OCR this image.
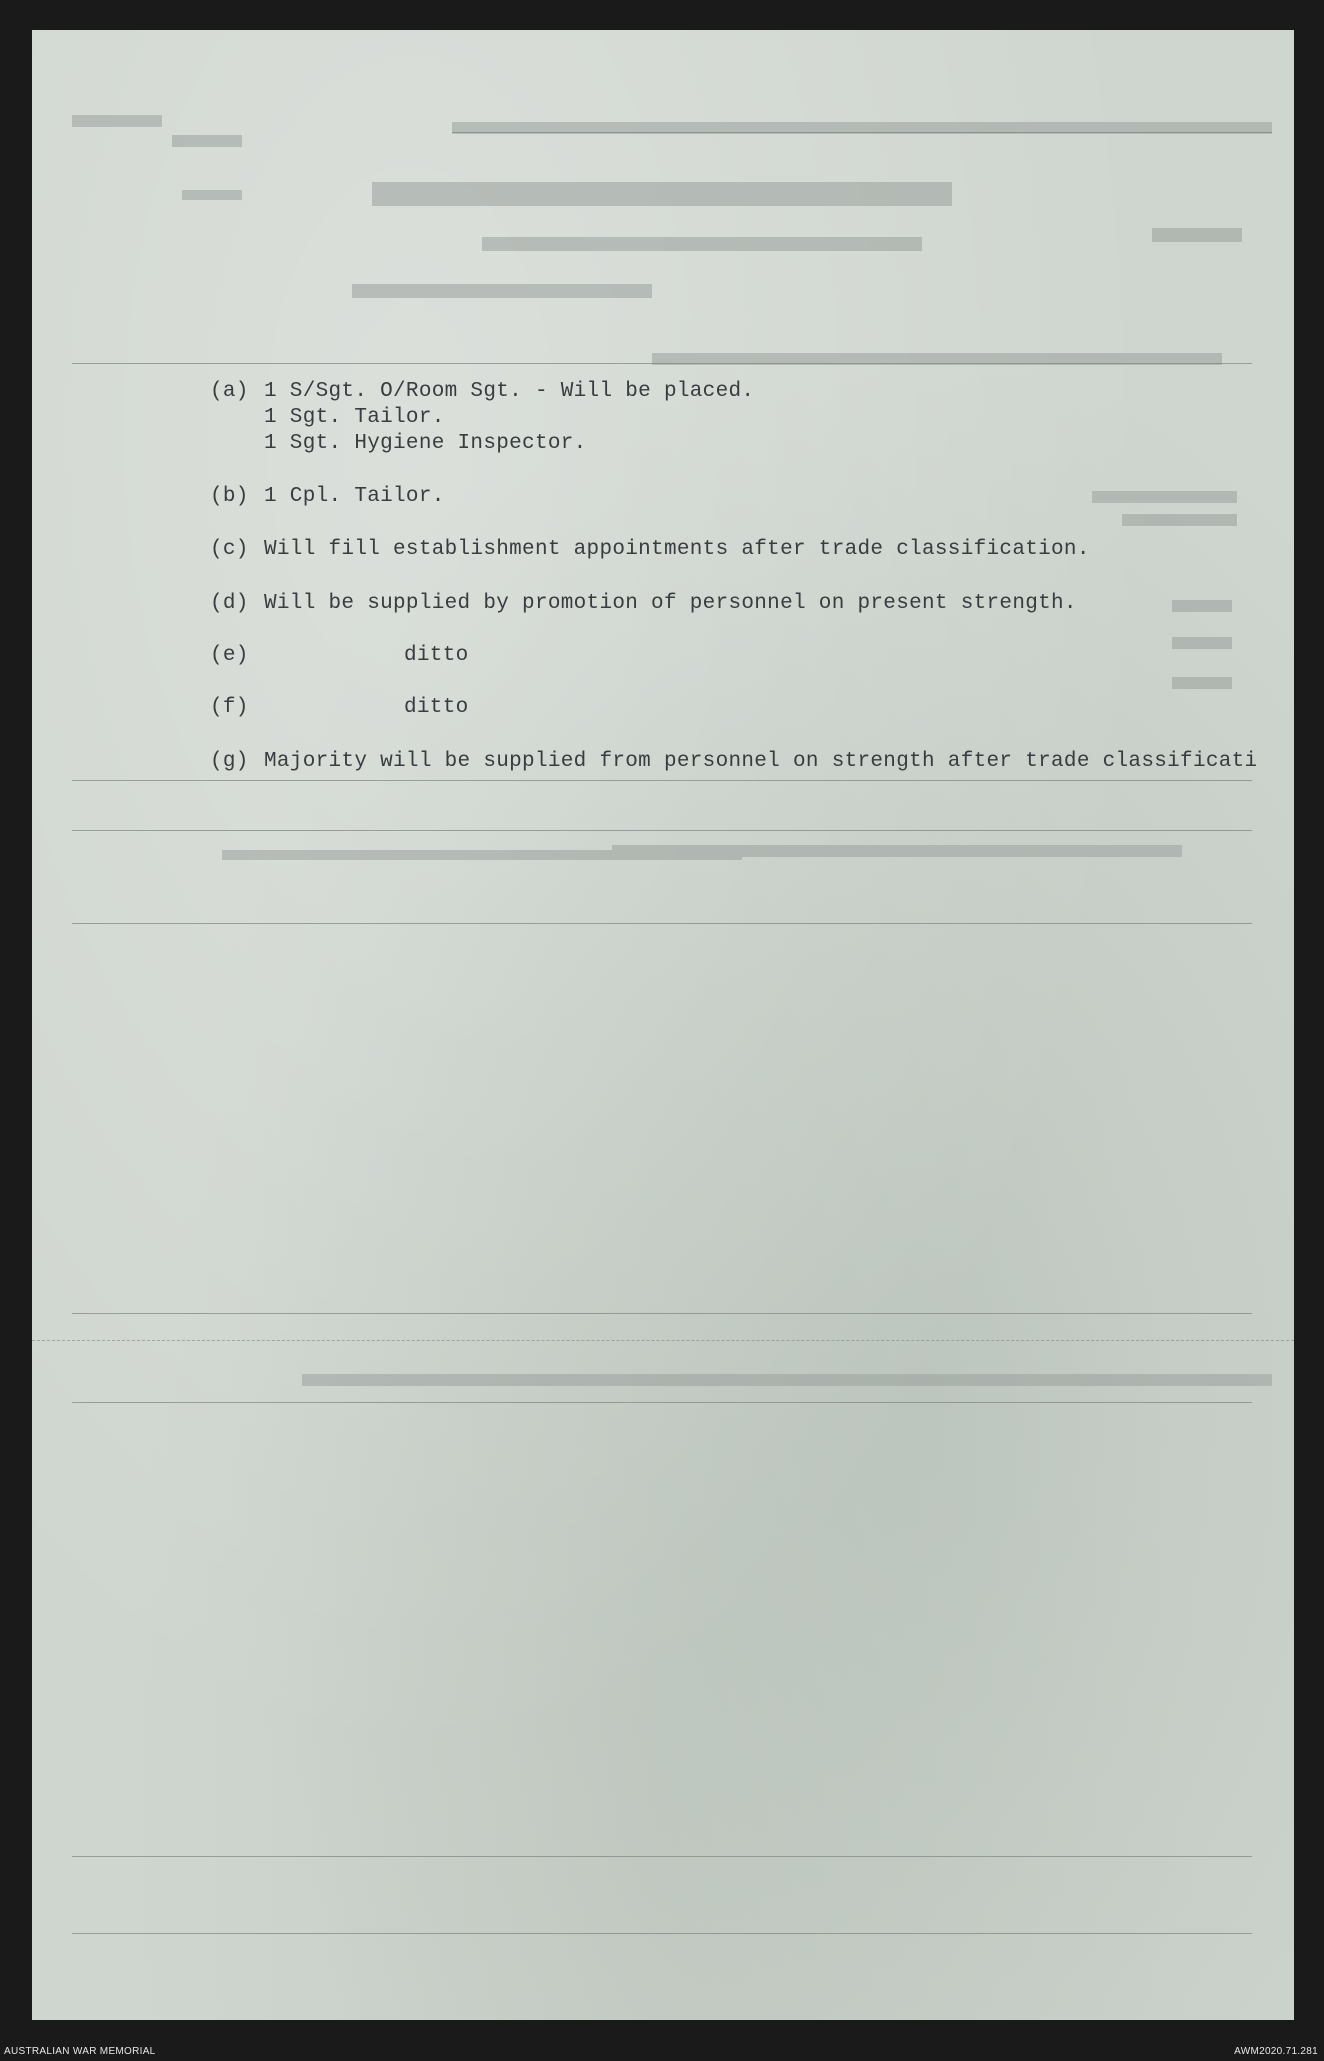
(a) 1 S/Sgt. O/Room Sgt. - Will be placed.
1 Sgt. Tailor.
1 Sgt. Hygiene Inspector.
(b) 1 Cpl. Tailor.
(c) Will fill establishment appointments after trade classification.
(d) Will be supplied by promotion of personnel on present strength.
(e)	ditto
(f)	ditto
(g) Majority will be supplied from personnel on strength after trade classificati
AUSTRALIAN WAR MEMORIAL	AWM2020.71.281
